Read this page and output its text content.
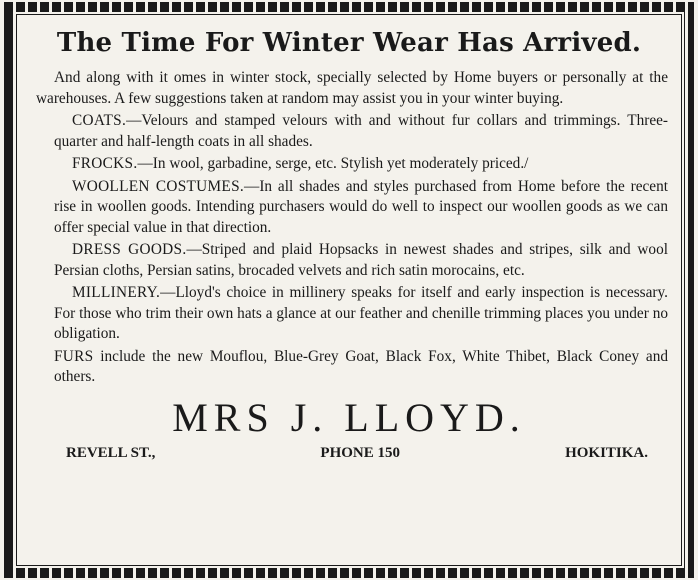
The Time For Winter Wear Has Arrived.

And along with it omes in winter stock, specially selected by Home buyers or personally at the warehouses. A few suggestions taken at random may assist you in your winter buying.

COATS.—Velours and stamped velours with and without fur collars and trimmings. Three-quarter and half-length coats in all shades.

FROCKS.—In wool, garbadine, serge, etc. Stylish yet moderately priced./

WOOLLEN COSTUMES.—In all shades and styles purchased from Home before the recent rise in woollen goods. Intending purchasers would do well to inspect our woollen goods as we can offer special value in that direction.

DRESS GOODS.—Striped and plaid Hopsacks in newest shades and stripes, silk and wool Persian cloths, Persian satins, brocaded velvets and rich satin morocains, etc.

MILLINERY.—Lloyd's choice in millinery speaks for itself and early inspection is necessary. For those who trim their own hats a glance at our feather and chenille trimming places you under no obligation.

FURS include the new Mouflou, Blue-Grey Goat, Black Fox, White Thibet, Black Coney and others.

MRS J. LLOYD.
REVELL ST.,	PHONE 150	HOKITIKA.
